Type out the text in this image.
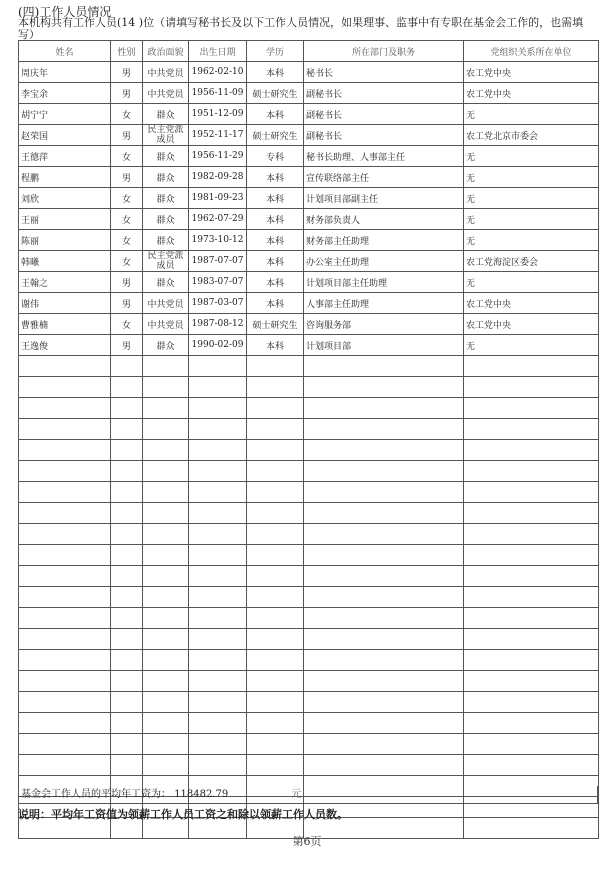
(四)工作人员情况
本机构共有工作人员(14 )位（请填写秘书长及以下工作人员情况，如果理事、监事中有专职在基金会工作的，也需填写）
姓名	性别	政治面貌	出生日期	学历	所在部门及职务	党组织关系所在单位
周庆年	男	中共党员	1962-02-10	本科	秘书长	农工党中央
李宝余	男	中共党员	1956-11-09	硕士研究生	副秘书长	农工党中央
胡宁宁	女	群众	1951-12-09	本科	副秘书长	无
赵荣国	男	民主党派成员	1952-11-17	硕士研究生	副秘书长	农工党北京市委会
王德萍	女	群众	1956-11-29	专科	秘书长助理、人事部主任	无
程鹏	男	群众	1982-09-28	本科	宣传联络部主任	无
刘欣	女	群众	1981-09-23	本科	计划项目部副主任	无
王丽	女	群众	1962-07-29	本科	财务部负责人	无
陈丽	女	群众	1973-10-12	本科	财务部主任助理	无
韩曦	女	民主党派成员	1987-07-07	本科	办公室主任助理	农工党海淀区委会
王翰之	男	群众	1983-07-07	本科	计划项目部主任助理	无
谢伟	男	中共党员	1987-03-07	本科	人事部主任助理	农工党中央
曹雅楠	女	中共党员	1987-08-12	硕士研究生	咨询服务部	农工党中央
王逸俊	男	群众	1990-02-09	本科	计划项目部	无

基金会工作人员的平均年工资为： 118482.79	元
说明：平均年工资值为领薪工作人员工资之和除以领薪工作人员数。
第6页
